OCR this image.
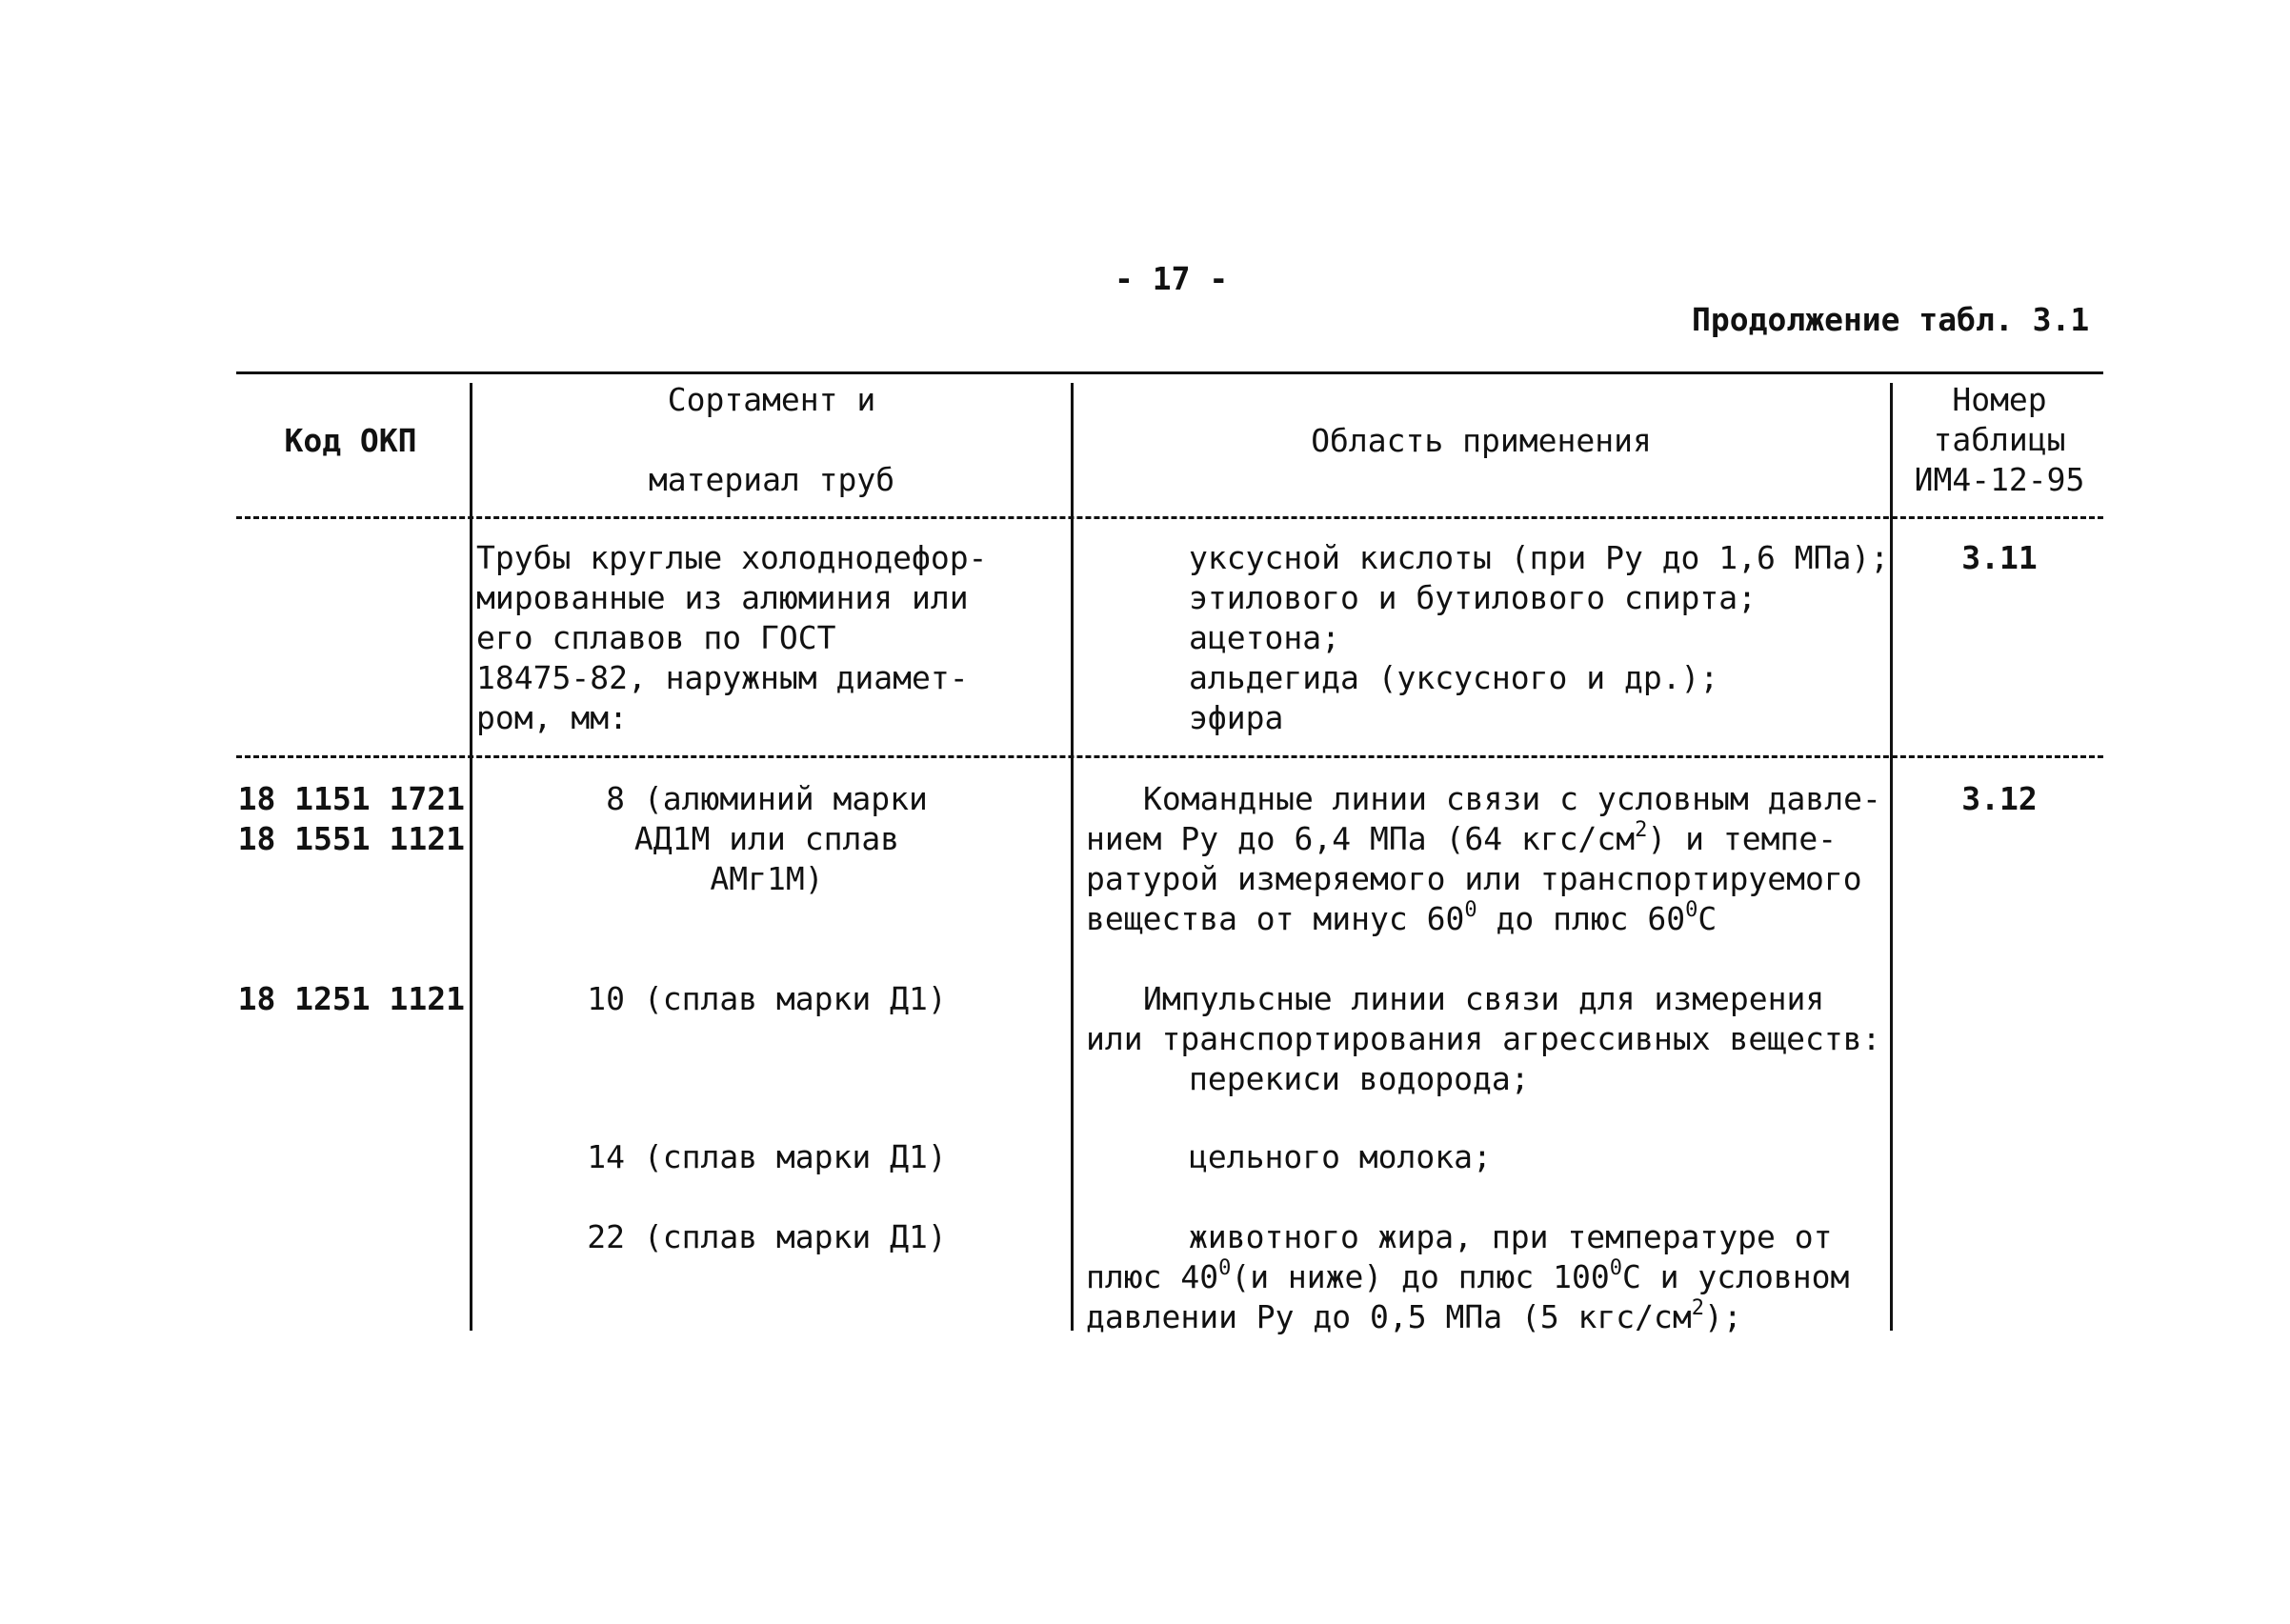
- 17 -
Продолжение табл. 3.1
Код ОКП
Сортамент и
материал труб
Область применения
Номер
таблицы
ИМ4-12-95
Трубы круглые холоднодефор-
мированные из алюминия или
его сплавов по ГОСТ
18475-82, наружным диамет-
ром, мм:
уксусной кислоты (при Ру до 1,6 МПа);
этилового и бутилового спирта;
ацетона;
альдегида (уксусного и др.);
эфира
3.11
18 1151 1721
18 1551 1121
8 (алюминий марки
АД1М или сплав
АМг1М)
Командные линии связи с условным давле-
нием Ру до 6,4 МПа (64 кгс/$см^2$) и темпе-
ратурой измеряемого или транспортируемого
вещества от минус $60^0$ до плюс $60^0С$
3.12
18 1251 1121	10 (сплав марки Д1)
14 (сплав марки Д1)
22 (сплав марки Д1)
Импульсные линии связи для измерения
или транспортирования агрессивных веществ:
перекиси водорода;
цельного молока;
животного жира, при температуре от
плюс $40^0(и$ ниже) до плюс $100^0С$ и условном
давлении Ру до 0,5 МПа (5 кгс/$см^2$);
